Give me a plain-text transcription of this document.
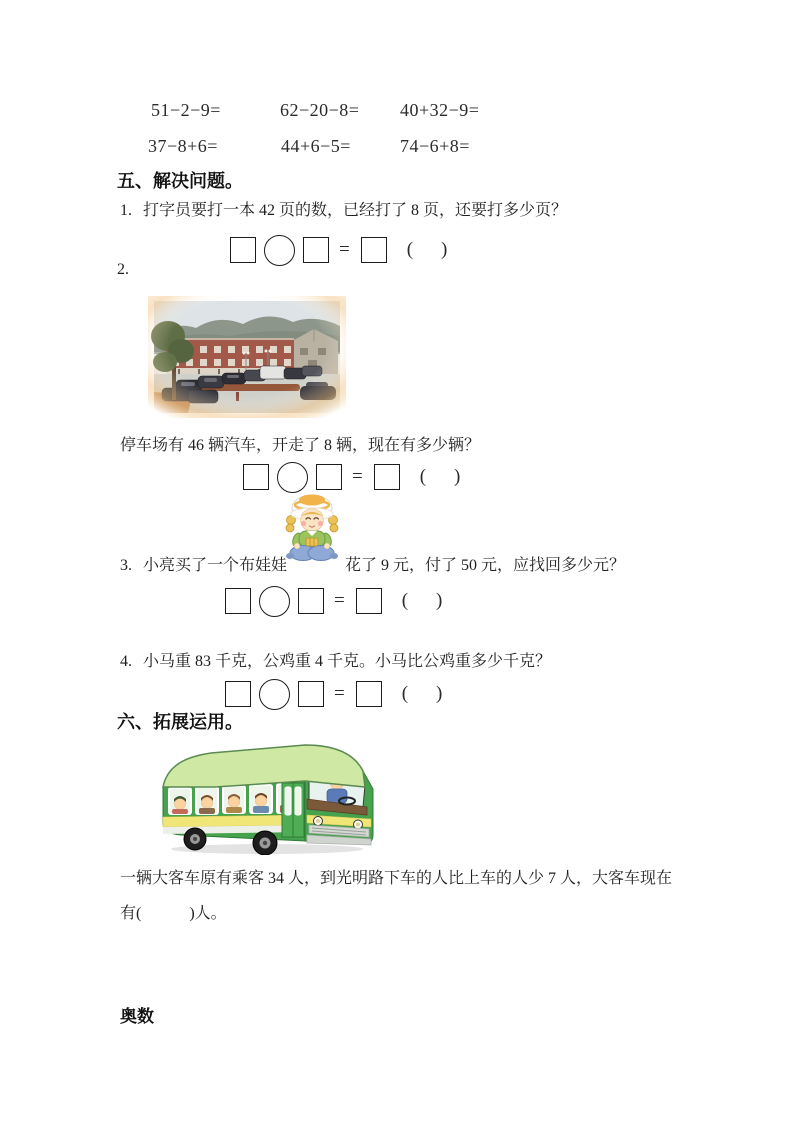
51−2−9=	62−20−8= 40+32−9=
37−8+6=	44+6−5=	74−6+8=
五、解决问题。
1. 打字员要打一本 42 页的数，已经打了 8 页，还要打多少页？
=	( )
2.
停车场有 46 辆汽车，开走了 8 辆，现在有多少辆？
=	( )
3. 小亮买了一个布娃娃	花了 9 元，付了 50 元，应找回多少元？
=	( )
4. 小马重 83 千克，公鸡重 4 千克。小马比公鸡重多少千克？
=	( )
六、拓展运用。
一辆大客车原有乘客 34 人，到光明路下车的人比上车的人少 7 人，大客车现在
有(　　　)人。
奥数
